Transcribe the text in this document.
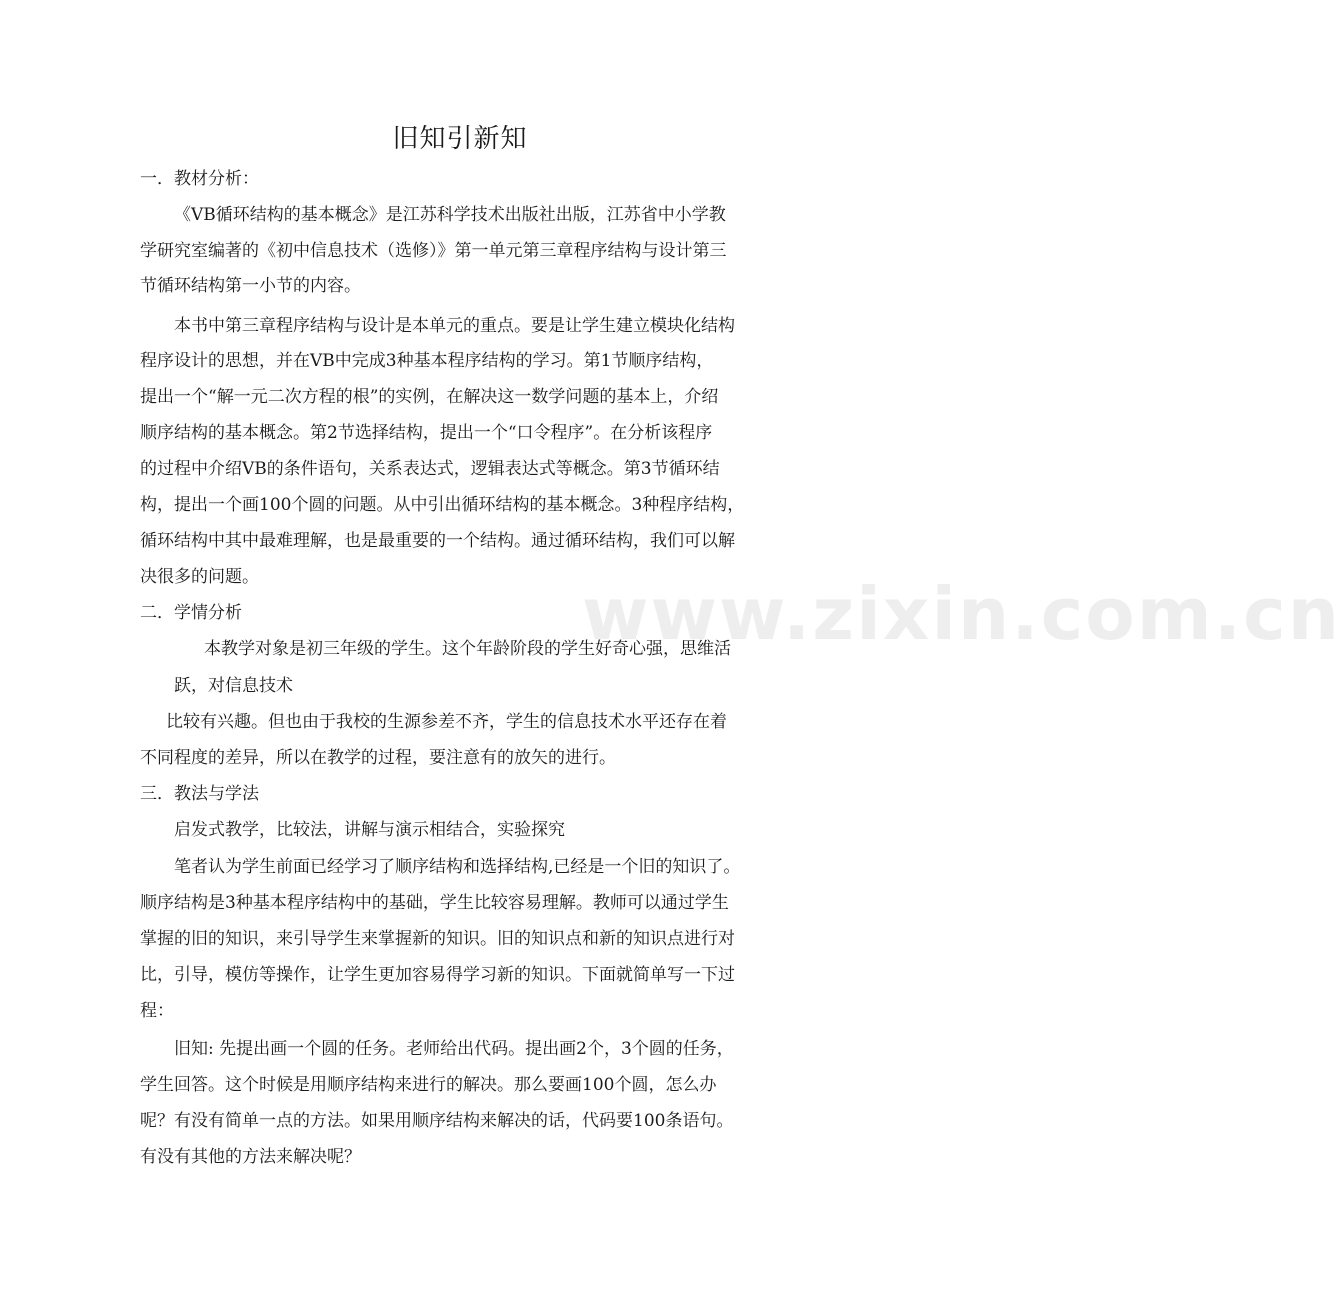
www.zixin.com.cn
旧知引新知
一．教材分析：
《VB循环结构的基本概念》是江苏科学技术出版社出版，江苏省中小学教
学研究室编著的《初中信息技术（选修）》第一单元第三章程序结构与设计第三
节循环结构第一小节的内容。
本书中第三章程序结构与设计是本单元的重点。要是让学生建立模块化结构
程序设计的思想，并在VB中完成3种基本程序结构的学习。第1节顺序结构，
提出一个“解一元二次方程的根”的实例，在解决这一数学问题的基本上，介绍
顺序结构的基本概念。第2节选择结构，提出一个“口令程序”。在分析该程序
的过程中介绍VB的条件语句，关系表达式，逻辑表达式等概念。第3节循环结
构，提出一个画100个圆的问题。从中引出循环结构的基本概念。3种程序结构，
循环结构中其中最难理解，也是最重要的一个结构。通过循环结构，我们可以解
决很多的问题。
二．学情分析
本教学对象是初三年级的学生。这个年龄阶段的学生好奇心强，思维活
跃，对信息技术
比较有兴趣。但也由于我校的生源参差不齐，学生的信息技术水平还存在着
不同程度的差异，所以在教学的过程，要注意有的放矢的进行。
三．教法与学法
启发式教学，比较法，讲解与演示相结合，实验探究
笔者认为学生前面已经学习了顺序结构和选择结构,已经是一个旧的知识了。
顺序结构是3种基本程序结构中的基础，学生比较容易理解。教师可以通过学生
掌握的旧的知识，来引导学生来掌握新的知识。旧的知识点和新的知识点进行对
比，引导，模仿等操作，让学生更加容易得学习新的知识。下面就简单写一下过
程：
旧知: 先提出画一个圆的任务。老师给出代码。提出画2个，3个圆的任务，
学生回答。这个时候是用顺序结构来进行的解决。那么要画100个圆，怎么办
呢？有没有简单一点的方法。如果用顺序结构来解决的话，代码要100条语句。
有没有其他的方法来解决呢？
